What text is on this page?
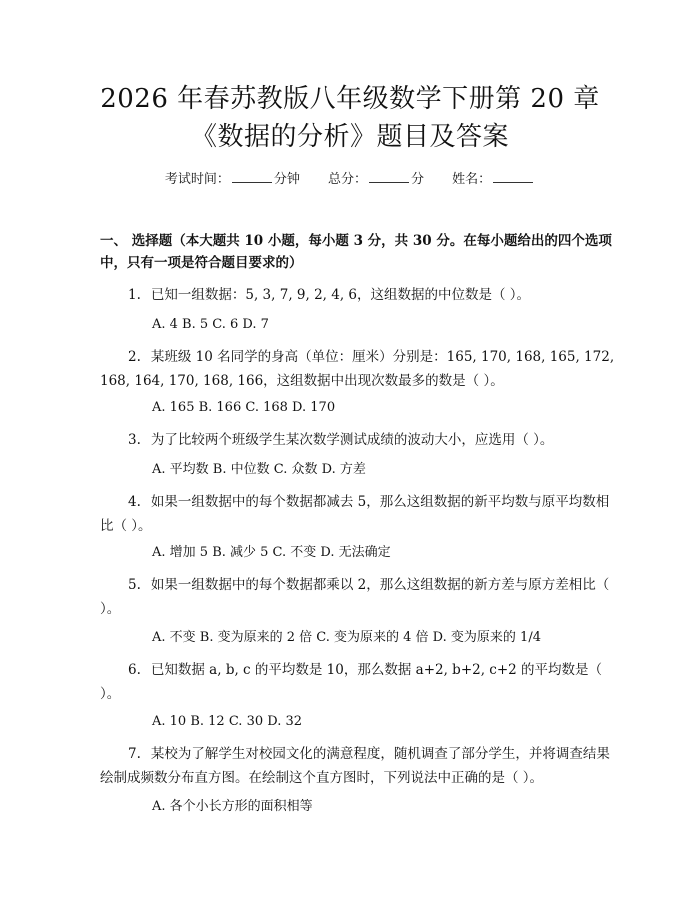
2026 年春苏教版八年级数学下册第 20 章
《数据的分析》题目及答案
考试时间：	分钟 总分：	分 姓名：
一、 选择题（本大题共 10 小题，每小题 3 分，共 30 分。在每小题给出的四个选项中，只有一项是符合题目要求的）
1. 已知一组数据：5, 3, 7, 9, 2, 4, 6，这组数据的中位数是（ ）。
A. 4 B. 5 C. 6 D. 7
2. 某班级 10 名同学的身高（单位：厘米）分别是：165, 170, 168, 165, 172, 168, 164, 170, 168, 166，这组数据中出现次数最多的数是（ ）。
A. 165 B. 166 C. 168 D. 170
3. 为了比较两个班级学生某次数学测试成绩的波动大小，应选用（ ）。
A. 平均数 B. 中位数 C. 众数 D. 方差
4. 如果一组数据中的每个数据都减去 5，那么这组数据的新平均数与原平均数相比（ ）。
A. 增加 5 B. 减少 5 C. 不变 D. 无法确定
5. 如果一组数据中的每个数据都乘以 2，那么这组数据的新方差与原方差相比（ ）。
A. 不变 B. 变为原来的 2 倍 C. 变为原来的 4 倍 D. 变为原来的 1/4
6. 已知数据 a, b, c 的平均数是 10，那么数据 a+2, b+2, c+2 的平均数是（ ）。
A. 10 B. 12 C. 30 D. 32
7. 某校为了解学生对校园文化的满意程度，随机调查了部分学生，并将调查结果绘制成频数分布直方图。在绘制这个直方图时，下列说法中正确的是（ ）。
A. 各个小长方形的面积相等
